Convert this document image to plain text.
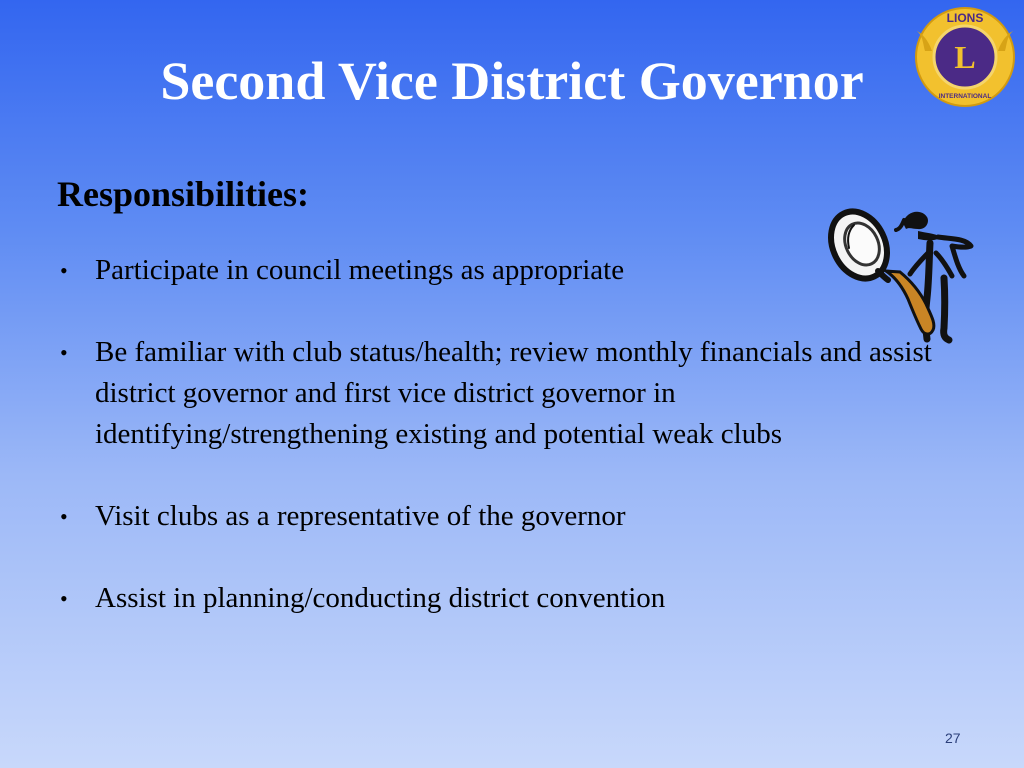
Second Vice District Governor
LIONS
L
INTERNATIONAL
Responsibilities:
• Participate in council meetings as appropriate
• Be familiar with club status/health; review monthly financials and assist district governor and first vice district governor in identifying/strengthening existing and potential weak clubs
• Visit clubs as a representative of the governor
• Assist in planning/conducting district convention
27
